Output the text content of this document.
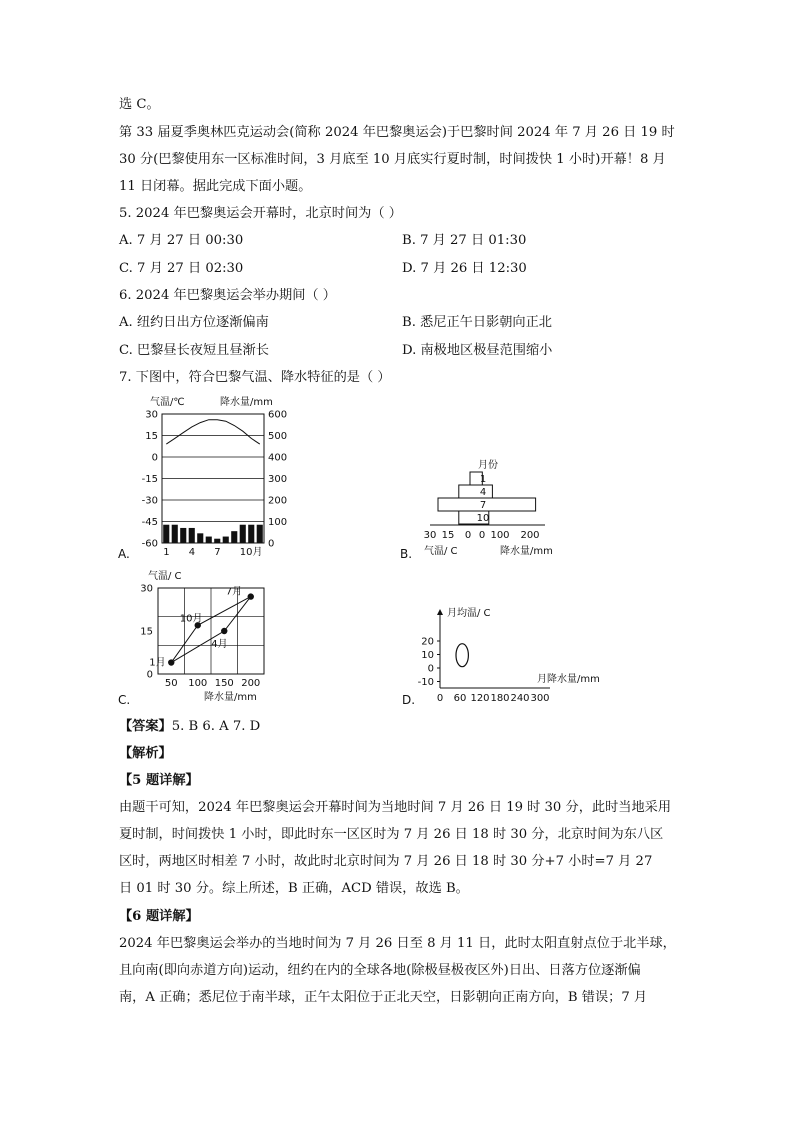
选 C。
第 33 届夏季奥林匹克运动会(简称 2024 年巴黎奥运会)于巴黎时间 2024 年 7 月 26 日 19 时
30 分(巴黎使用东一区标准时间，3 月底至 10 月底实行夏时制，时间拨快 1 小时)开幕！8 月
11 日闭幕。据此完成下面小题。
5. 2024 年巴黎奥运会开幕时，北京时间为（ ）
A. 7 月 27 日 00:30	B. 7 月 27 日 01:30
C. 7 月 27 日 02:30	D. 7 月 26 日 12:30
6. 2024 年巴黎奥运会举办期间（ ）
A. 纽约日出方位逐渐偏南	B. 悉尼正午日影朝向正北
C. 巴黎昼长夜短且昼渐长	D. 南极地区极昼范围缩小
7. 下图中，符合巴黎气温、降水特征的是（ ）
A.
气温/℃	降水量/mm
30
15
0
-15
-30
-45
-60
600
500
400
300
200
100
0
1 4 7 10月	B.
月份
1
4
7
10
30 15 0 0 100 200
气温/ C	降水量/mm
C.
气温/ C
1月
4月
7月
10月
30
15
0
50 100 150 200
降水量/mm	D.
月均温/ C
20
10
0
-10
0 60 120 180 240 300
月降水量/mm
【答案】5. B 6. A 7. D
【解析】
【5 题详解】
由题干可知，2024 年巴黎奥运会开幕时间为当地时间 7 月 26 日 19 时 30 分，此时当地采用
夏时制，时间拨快 1 小时，即此时东一区区时为 7 月 26 日 18 时 30 分，北京时间为东八区
区时，两地区时相差 7 小时，故此时北京时间为 7 月 26 日 18 时 30 分+7 小时=7 月 27
日 01 时 30 分。综上所述，B 正确，ACD 错误，故选 B。
【6 题详解】
2024 年巴黎奥运会举办的当地时间为 7 月 26 日至 8 月 11 日，此时太阳直射点位于北半球，
且向南(即向赤道方向)运动，纽约在内的全球各地(除极昼极夜区外)日出、日落方位逐渐偏
南，A 正确；悉尼位于南半球，正午太阳位于正北天空，日影朝向正南方向，B 错误；7 月
